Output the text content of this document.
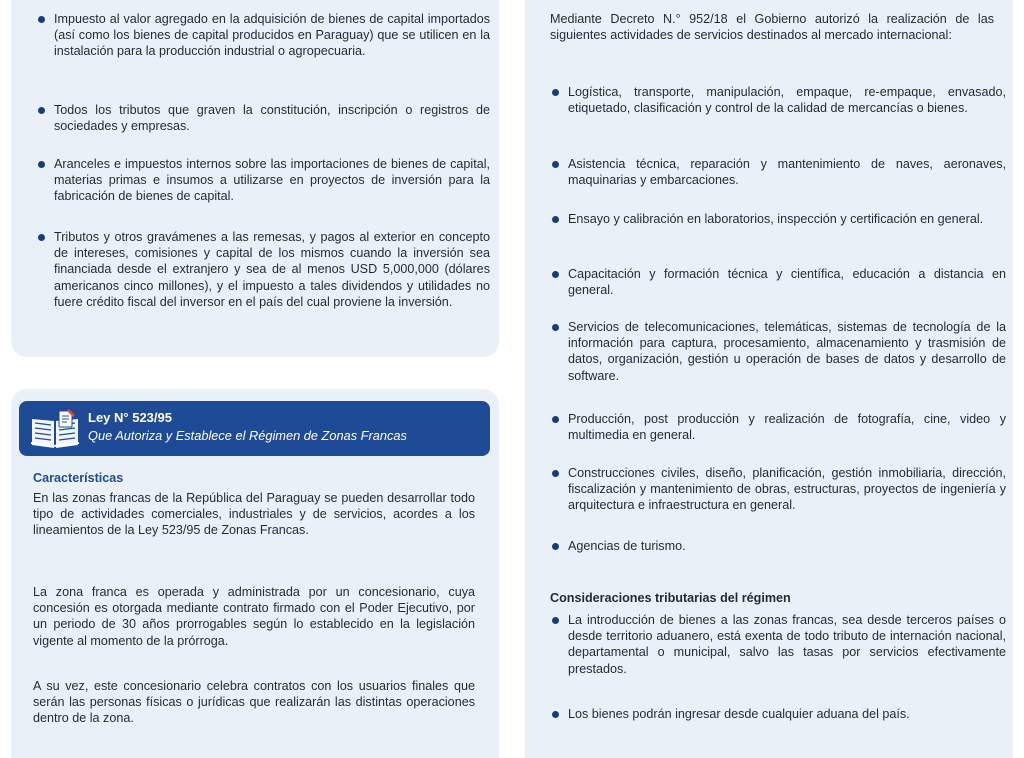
Impuesto al valor agregado en la adquisición de bienes de capital importados (así como los bienes de capital producidos en Paraguay) que se utilicen en la instalación para la producción industrial o agropecuaria.
Todos los tributos que graven la constitución, inscripción o registros de sociedades y empresas.
Aranceles e impuestos internos sobre las importaciones de bienes de capital, materias primas e insumos a utilizarse en proyectos de inversión para la fabricación de bienes de capital.
Tributos y otros gravámenes a las remesas, y pagos al exterior en concepto de intereses, comisiones y capital de los mismos cuando la inversión sea financiada desde el extranjero y sea de al menos USD 5,000,000 (dólares americanos cinco millones), y el impuesto a tales dividendos y utilidades no fuere crédito fiscal del inversor en el país del cual proviene la inversión.
Ley N° 523/95
Que Autoriza y Establece el Régimen de Zonas Francas
Características

En las zonas francas de la República del Paraguay se pueden desarrollar todo tipo de actividades comerciales, industriales y de servicios, acordes a los lineamientos de la Ley 523/95 de Zonas Francas.

La zona franca es operada y administrada por un concesionario, cuya concesión es otorgada mediante contrato firmado con el Poder Ejecutivo, por un periodo de 30 años prorrogables según lo establecido en la legislación vigente al momento de la prórroga.

A su vez, este concesionario celebra contratos con los usuarios finales que serán las personas físicas o jurídicas que realizarán las distintas operaciones dentro de la zona.

Mediante Decreto N.° 952/18 el Gobierno autorizó la realización de las siguientes actividades de servicios destinados al mercado internacional:

Logística, transporte, manipulación, empaque, re-empaque, envasado, etiquetado, clasificación y control de la calidad de mercancías o bienes.
Asistencia técnica, reparación y mantenimiento de naves, aeronaves, maquinarias y embarcaciones.
Ensayo y calibración en laboratorios, inspección y certificación en general.
Capacitación y formación técnica y científica, educación a distancia en general.
Servicios de telecomunicaciones, telemáticas, sistemas de tecnología de la información para captura, procesamiento, almacenamiento y trasmisión de datos, organización, gestión u operación de bases de datos y desarrollo de software.
Producción, post producción y realización de fotografía, cine, video y multimedia en general.
Construcciones civiles, diseño, planificación, gestión inmobiliaria, dirección, fiscalización y mantenimiento de obras, estructuras, proyectos de ingeniería y arquitectura e infraestructura en general.
Agencias de turismo.
Consideraciones tributarias del régimen
La introducción de bienes a las zonas francas, sea desde terceros países o desde territorio aduanero, está exenta de todo tributo de internación nacional, departamental o municipal, salvo las tasas por servicios efectivamente prestados.
Los bienes podrán ingresar desde cualquier aduana del país.
